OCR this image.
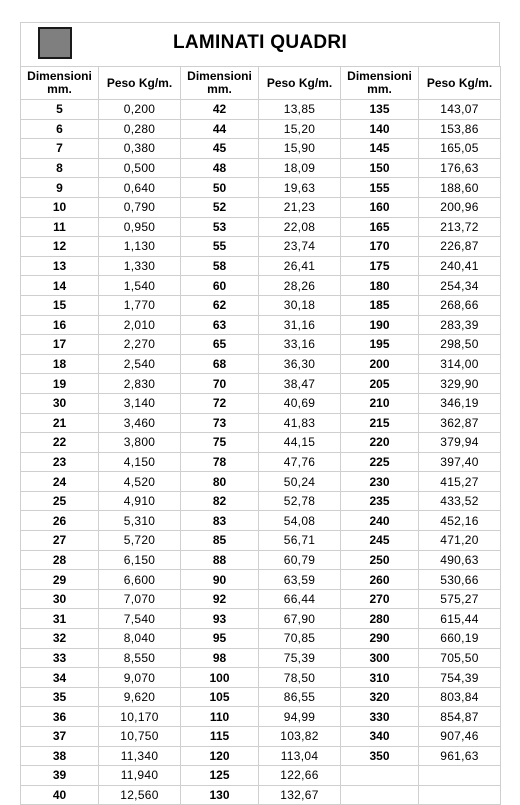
LAMINATI QUADRI
Dimensioni mm.	Peso Kg/m.	Dimensioni mm.	Peso Kg/m.	Dimensioni mm.	Peso Kg/m.
5	0,200	42	13,85	135	143,07
6	0,280	44	15,20	140	153,86
7	0,380	45	15,90	145	165,05
8	0,500	48	18,09	150	176,63
9	0,640	50	19,63	155	188,60
10	0,790	52	21,23	160	200,96
11	0,950	53	22,08	165	213,72
12	1,130	55	23,74	170	226,87
13	1,330	58	26,41	175	240,41
14	1,540	60	28,26	180	254,34
15	1,770	62	30,18	185	268,66
16	2,010	63	31,16	190	283,39
17	2,270	65	33,16	195	298,50
18	2,540	68	36,30	200	314,00
19	2,830	70	38,47	205	329,90
30	3,140	72	40,69	210	346,19
21	3,460	73	41,83	215	362,87
22	3,800	75	44,15	220	379,94
23	4,150	78	47,76	225	397,40
24	4,520	80	50,24	230	415,27
25	4,910	82	52,78	235	433,52
26	5,310	83	54,08	240	452,16
27	5,720	85	56,71	245	471,20
28	6,150	88	60,79	250	490,63
29	6,600	90	63,59	260	530,66
30	7,070	92	66,44	270	575,27
31	7,540	93	67,90	280	615,44
32	8,040	95	70,85	290	660,19
33	8,550	98	75,39	300	705,50
34	9,070	100	78,50	310	754,39
35	9,620	105	86,55	320	803,84
36	10,170	110	94,99	330	854,87
37	10,750	115	103,82	340	907,46
38	11,340	120	113,04	350	961,63
39	11,940	125	122,66		
40	12,560	130	132,67		
